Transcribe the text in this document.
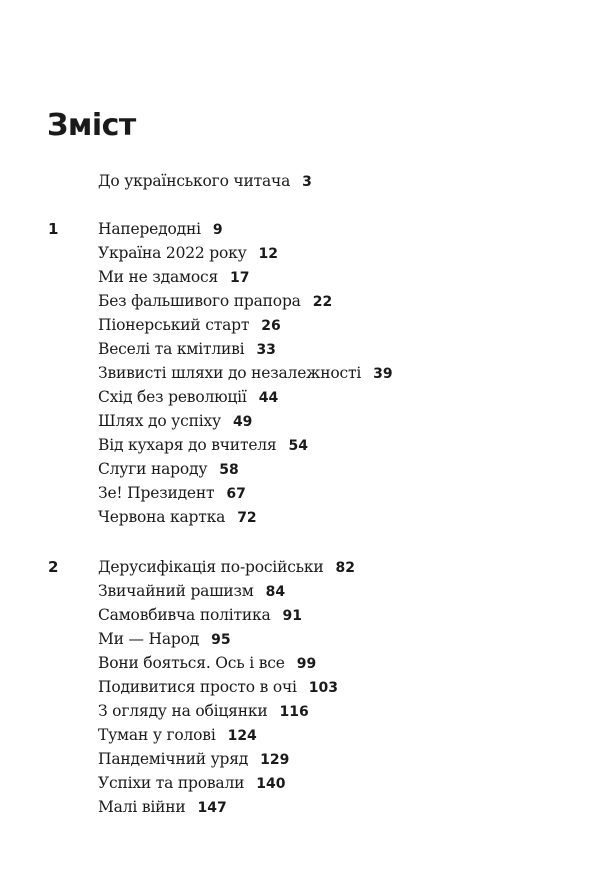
Зміст
До українського читача 3
1	Напередодні 9
Україна 2022 року 12
Ми не здамося 17
Без фальшивого прапора 22
Піонерський старт 26
Веселі та кмітливі 33
Звивисті шляхи до незалежності 39
Схід без революції 44
Шлях до успіху 49
Від кухаря до вчителя 54
Слуги народу 58
Зе! Президент 67
Червона картка 72
2	Дерусифікація по-російськи 82
Звичайний рашизм 84
Самовбивча політика 91
Ми — Народ 95
Вони бояться. Ось і все 99
Подивитися просто в очі 103
З огляду на обіцянки 116
Туман у голові 124
Пандемічний уряд 129
Успіхи та провали 140
Малі війни 147
